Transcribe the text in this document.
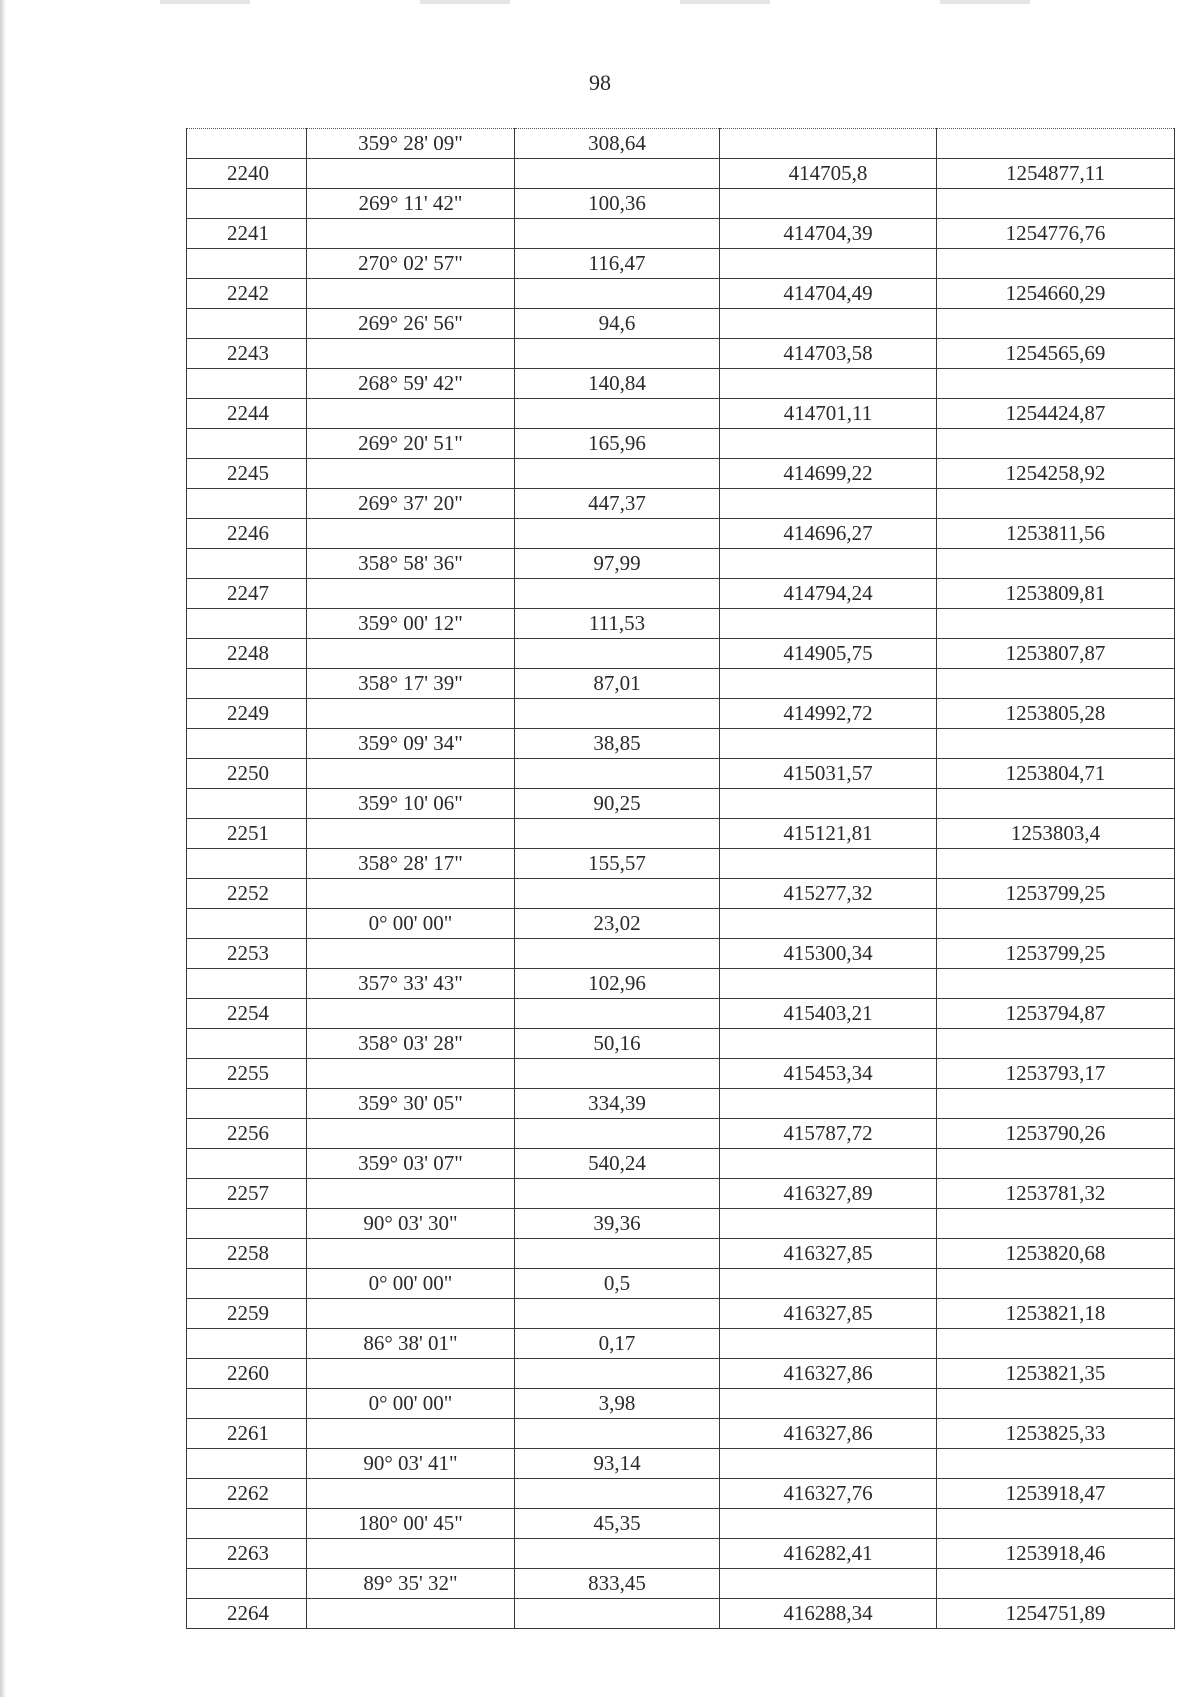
98
	359° 28' 09"	308,64		
2240			414705,8	1254877,11
	269° 11' 42"	100,36		
2241			414704,39	1254776,76
	270° 02' 57"	116,47		
2242			414704,49	1254660,29
	269° 26' 56"	94,6		
2243			414703,58	1254565,69
	268° 59' 42"	140,84		
2244			414701,11	1254424,87
	269° 20' 51"	165,96		
2245			414699,22	1254258,92
	269° 37' 20"	447,37		
2246			414696,27	1253811,56
	358° 58' 36"	97,99		
2247			414794,24	1253809,81
	359° 00' 12"	111,53		
2248			414905,75	1253807,87
	358° 17' 39"	87,01		
2249			414992,72	1253805,28
	359° 09' 34"	38,85		
2250			415031,57	1253804,71
	359° 10' 06"	90,25		
2251			415121,81	1253803,4
	358° 28' 17"	155,57		
2252			415277,32	1253799,25
	0° 00' 00"	23,02		
2253			415300,34	1253799,25
	357° 33' 43"	102,96		
2254			415403,21	1253794,87
	358° 03' 28"	50,16		
2255			415453,34	1253793,17
	359° 30' 05"	334,39		
2256			415787,72	1253790,26
	359° 03' 07"	540,24		
2257			416327,89	1253781,32
	90° 03' 30"	39,36		
2258			416327,85	1253820,68
	0° 00' 00"	0,5		
2259			416327,85	1253821,18
	86° 38' 01"	0,17		
2260			416327,86	1253821,35
	0° 00' 00"	3,98		
2261			416327,86	1253825,33
	90° 03' 41"	93,14		
2262			416327,76	1253918,47
	180° 00' 45"	45,35		
2263			416282,41	1253918,46
	89° 35' 32"	833,45		
2264			416288,34	1254751,89
